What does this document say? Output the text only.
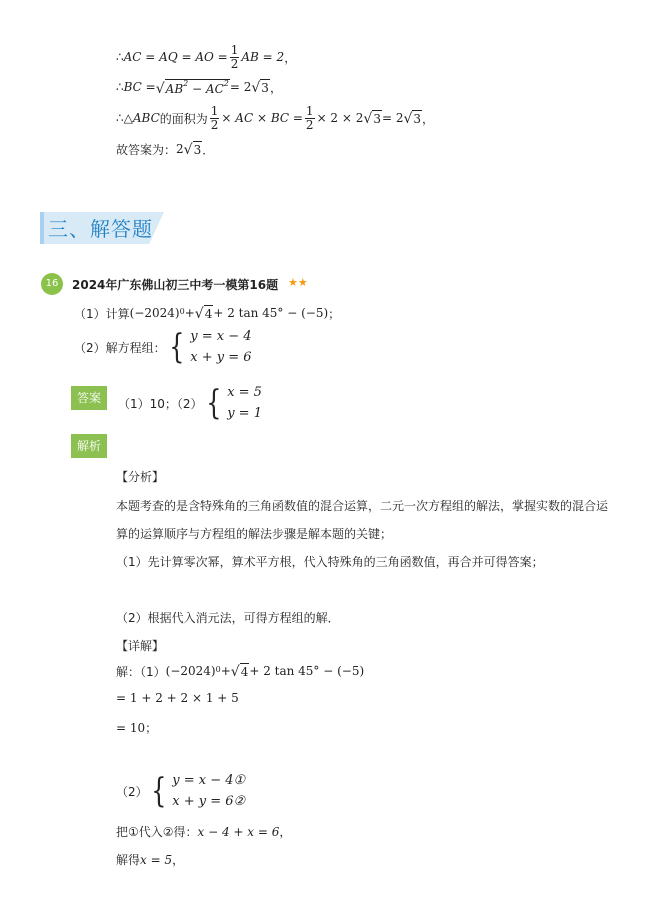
∴ AC = AQ = AO = $\frac{1}{2}$ AB = 2 ，
∴ BC = √ $AB^2 - AC^2 = 2$ √ 3 ，
∴△ ABC 的面积为 $\frac{1}{2}$ × AC × BC = $\frac{1}{2} \times 2 \times 2$ √ 3 = 2 √ 3 ，
故答案为： 2 √ 3 ．
三、解答题
16	2024年广东佛山初三中考一模第16题 ★★
（1）计算 $(-2024)^0$ + √ 4 + 2 tan 45° − (−5) ；
（2）解方程组： { y = x − 4
x + y = 6
答案	（1）10；（2） { x = 5
y = 1
解析
【分析】
本题考查的是含特殊角的三角函数值的混合运算，二元一次方程组的解法，掌握实数的混合运
算的运算顺序与方程组的解法步骤是解本题的关键；
（1）先计算零次幂，算术平方根，代入特殊角的三角函数值，再合并可得答案；
（2）根据代入消元法，可得方程组的解．
【详解】
解：（1） $(-2024)^0$ + √ 4 + 2 tan 45° − (−5)
= 1 + 2 + 2 × 1 + 5
= 10 ；
（2） { y = x − 4①
x + y = 6②
把①代入②得： x − 4 + x = 6 ，
解得 x = 5 ，
